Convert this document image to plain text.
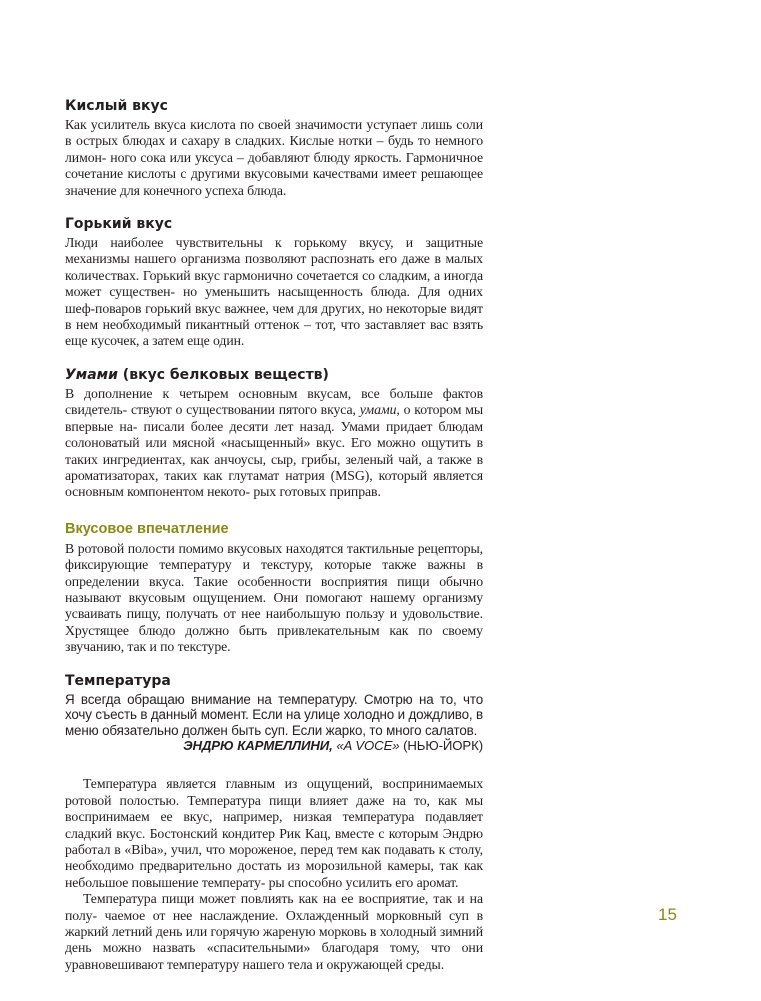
Кислый вкус

Как усилитель вкуса кислота по своей значимости уступает лишь соли в острых блюдах и сахару в сладких. Кислые нотки – будь то немного лимон- ного сока или уксуса – добавляют блюду яркость. Гармоничное сочетание кислоты с другими вкусовыми качествами имеет решающее значение для конечного успеха блюда.

Горький вкус

Люди наиболее чувствительны к горькому вкусу, и защитные механизмы нашего организма позволяют распознать его даже в малых количествах. Горький вкус гармонично сочетается со сладким, а иногда может существен- но уменьшить насыщенность блюда. Для одних шеф-поваров горький вкус важнее, чем для других, но некоторые видят в нем необходимый пикантный оттенок – тот, что заставляет вас взять еще кусочек, а затем еще один.

Умами (вкус белковых веществ)

В дополнение к четырем основным вкусам, все больше фактов свидетель- ствуют о существовании пятого вкуса, умами, о котором мы впервые на- писали более десяти лет назад. Умами придает блюдам солоноватый или мясной «насыщенный» вкус. Его можно ощутить в таких ингредиентах, как анчоусы, сыр, грибы, зеленый чай, а также в ароматизаторах, таких как глутамат натрия (MSG), который является основным компонентом некото- рых готовых приправ.

Вкусовое впечатление

В ротовой полости помимо вкусовых находятся тактильные рецепторы, фиксирующие температуру и текстуру, которые также важны в определении вкуса. Такие особенности восприятия пищи обычно называют вкусовым ощущением. Они помогают нашему организму усваивать пищу, получать от нее наибольшую пользу и удовольствие. Хрустящее блюдо должно быть привлекательным как по своему звучанию, так и по текстуре.

Температура

Я всегда обращаю внимание на температуру. Смотрю на то, что хочу съесть в данный момент. Если на улице холодно и дождливо, в меню обязательно должен быть суп. Если жарко, то много салатов.

ЭНДРЮ КАРМЕЛЛИНИ, «A VOCE» (НЬЮ-ЙОРК)

Температура является главным из ощущений, воспринимаемых ротовой полостью. Температура пищи влияет даже на то, как мы воспринимаем ее вкус, например, низкая температура подавляет сладкий вкус. Бостонский кондитер Рик Кац, вместе с которым Эндрю работал в «Biba», учил, что мороженое, перед тем как подавать к столу, необходимо предварительно достать из морозильной камеры, так как небольшое повышение температу- ры способно усилить его аромат.

Температура пищи может повлиять как на ее восприятие, так и на полу- чаемое от нее наслаждение. Охлажденный морковный суп в жаркий летний день или горячую жареную морковь в холодный зимний день можно назвать «спасительными» благодаря тому, что они уравновешивают температуру нашего тела и окружающей среды.

15
